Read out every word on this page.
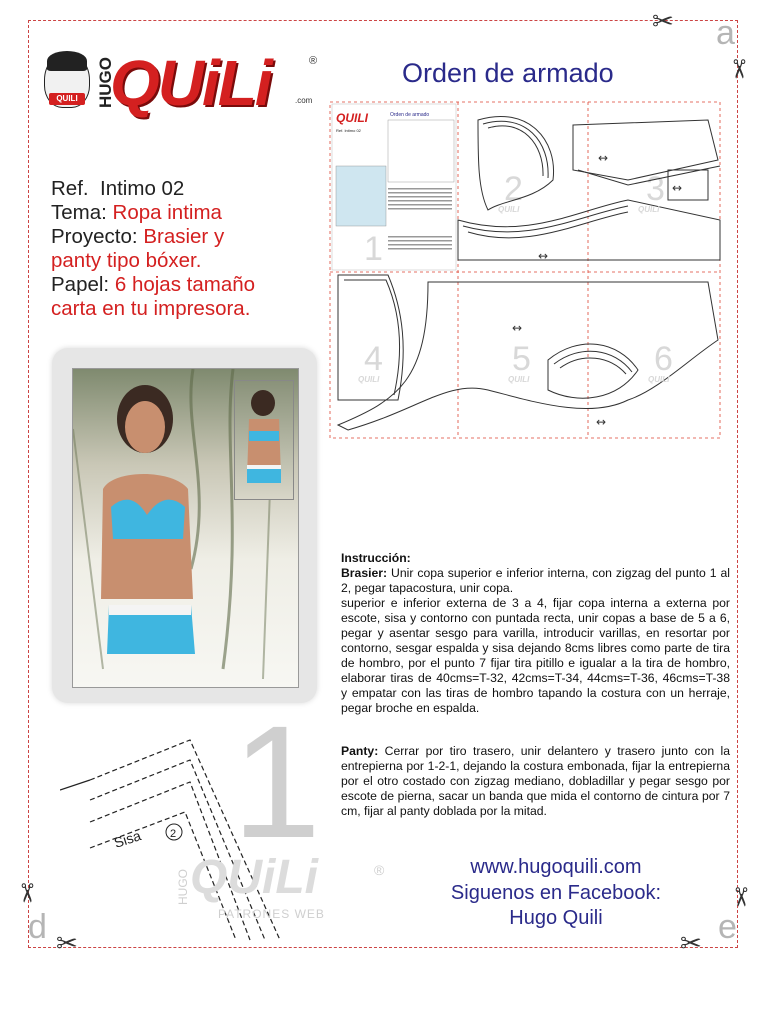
✂
✂
a
✂
✂
d
✂
✂ e
QUILI	HUGO
QUiLi	®
.com
Orden de armado
Ref. Intimo 02
Tema: Ropa intima
Proyecto: Brasier y
panty tipo bóxer.
Papel: 6 hojas tamaño
carta en tu impresora.
QUILI	Orden de armado
Ref. Intimo 02
1
2	3
4	5	6
↔
↔
↔
↔
↔
QUILI	QUILI
QUILI	QUILI	QUILI
Instrucción:
Brasier: Unir copa superior e inferior interna, con zigzag del punto 1 al 2, pegar tapacostura, unir copa.
superior e inferior externa de 3 a 4, fijar copa interna a externa por escote, sisa y contorno con puntada recta, unir copas a base de 5 a 6, pegar y asentar sesgo para varilla, introducir varillas, en resortar por contorno, sesgar espalda y sisa dejando 8cms libres como parte de tira de hombro, por el punto 7 fijar tira pitillo e igualar a la tira de hombro, elaborar tiras de 40cms=T-32, 42cms=T-34, 44cms=T-36, 46cms=T-38 y empatar con las tiras de hombro tapando la costura con un herraje, pegar broche en espalda.
Panty: Cerrar por tiro trasero, unir delantero y trasero junto con la entrepierna por 1-2-1, dejando la costura embonada, fijar la entrepierna por el otro costado con zigzag mediano, dobladillar y pegar sesgo por escote de pierna, sacar un banda que mida el contorno de cintura por 7 cm, fijar al panty doblada por la mitad.
www.hugoquili.com
Siguenos en Facebook:
Hugo Quili
1
Sisa 2
HUGO QUiLi	®
PATRONES WEB
